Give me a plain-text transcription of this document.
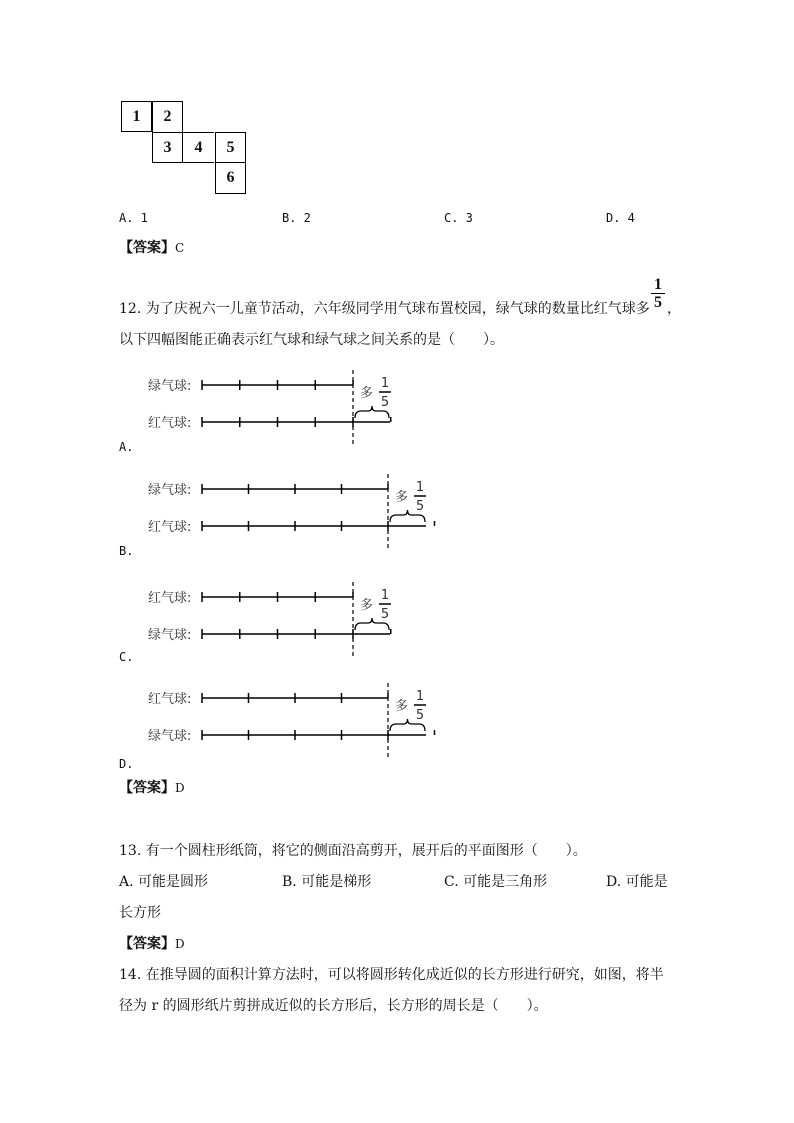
1	2
3	4	5
6
A. 1	B. 2	C. 3	D. 4
【答案】C
12. 为了庆祝六一儿童节活动，六年级同学用气球布置校园，绿气球的数量比红气球多 $\frac{1}{5}$ ，
以下四幅图能正确表示红气球和绿气球之间关系的是（　　）。
绿气球:
红气球:
多
1
5
A.
绿气球:
红气球:
多
1
5
B.
红气球:
绿气球:
多
1
5
C.
红气球:
绿气球:
多
1
5
D.
【答案】D
13. 有一个圆柱形纸筒，将它的侧面沿高剪开，展开后的平面图形（　　）。
A. 可能是圆形	B. 可能是梯形	C. 可能是三角形	D. 可能是
长方形
【答案】D
14. 在推导圆的面积计算方法时，可以将圆形转化成近似的长方形进行研究，如图，将半
径为 r 的圆形纸片剪拼成近似的长方形后，长方形的周长是（　　）。
